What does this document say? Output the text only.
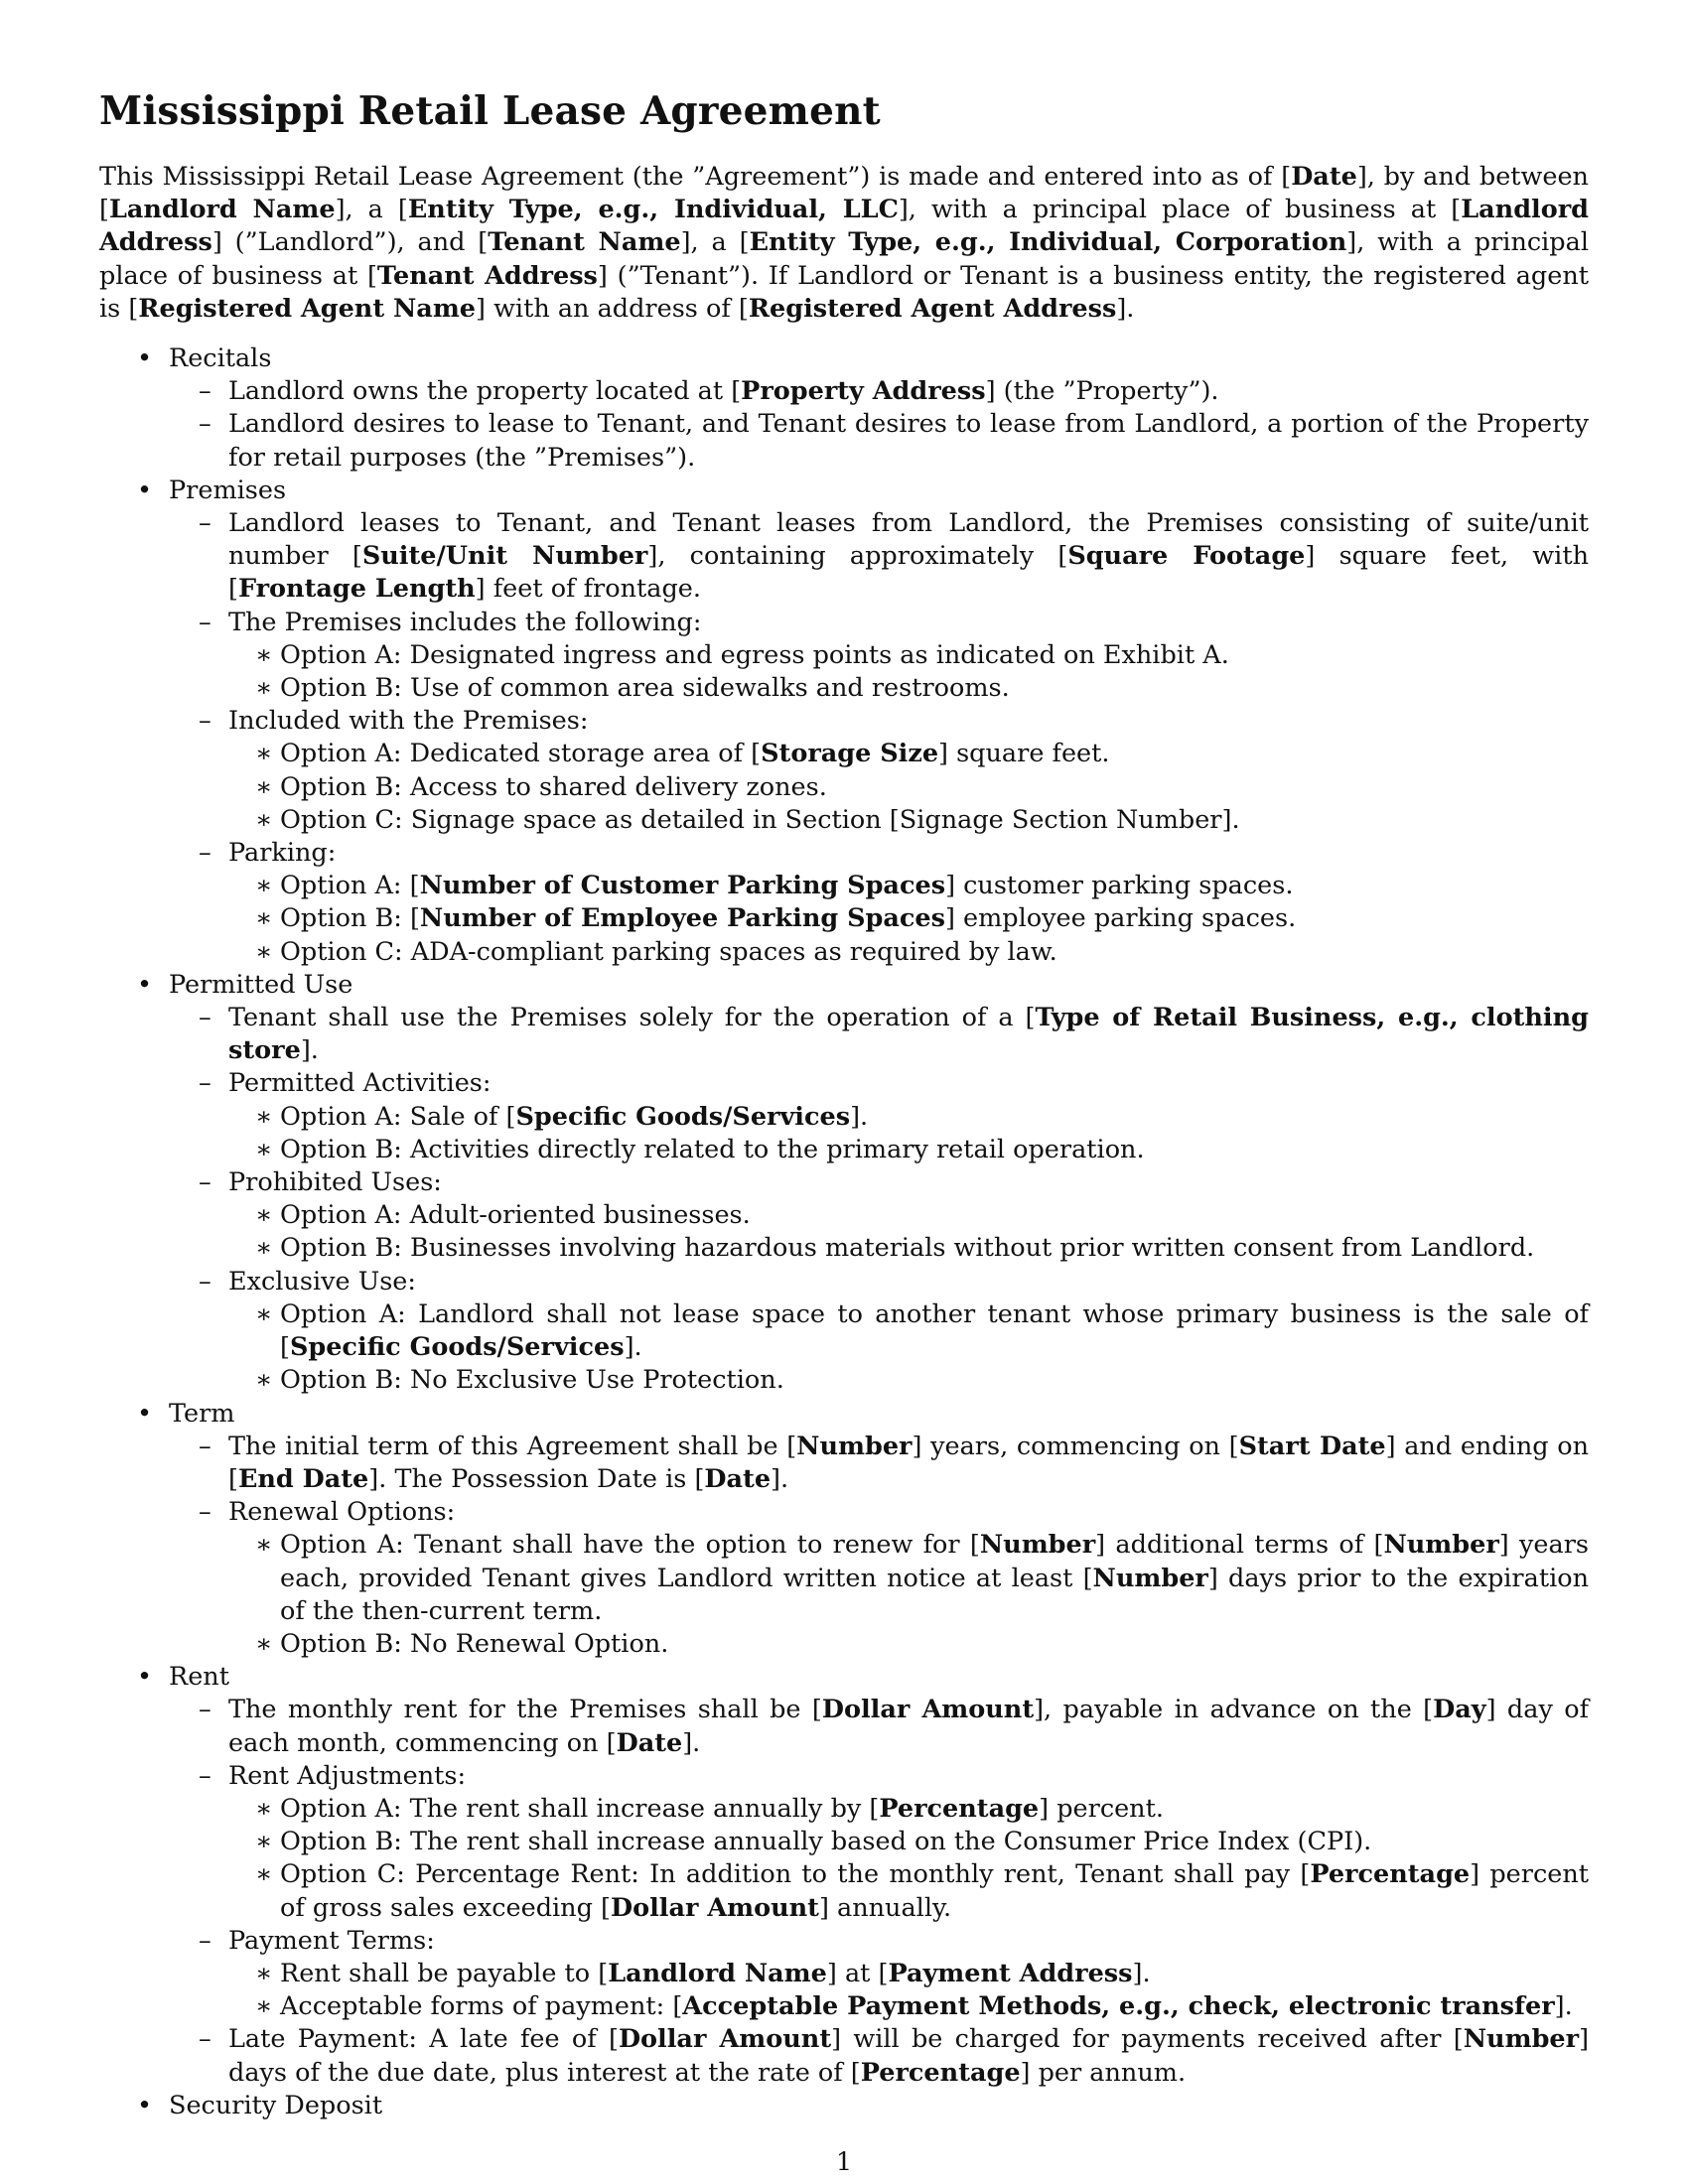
Mississippi Retail Lease Agreement

This Mississippi Retail Lease Agreement (the ”Agreement”) is made and entered into as of [Date], by and between [Landlord Name], a [Entity Type, e.g., Individual, LLC], with a principal place of business at [Landlord Address] (”Landlord”), and [Tenant Name], a [Entity Type, e.g., Individual, Corporation], with a principal place of business at [Tenant Address] (”Tenant”). If Landlord or Tenant is a business entity, the registered agent is [Registered Agent Name] with an address of [Registered Agent Address].

• Recitals
– Landlord owns the property located at [Property Address] (the ”Property”).
– Landlord desires to lease to Tenant, and Tenant desires to lease from Landlord, a portion of the Property for retail purposes (the ”Premises”).
• Premises
– Landlord leases to Tenant, and Tenant leases from Landlord, the Premises consisting of suite/unit number [Suite/Unit Number], containing approximately [Square Footage] square feet, with [Frontage Length] feet of frontage.
– The Premises includes the following:
∗ Option A: Designated ingress and egress points as indicated on Exhibit A.
∗ Option B: Use of common area sidewalks and restrooms.
– Included with the Premises:
∗ Option A: Dedicated storage area of [Storage Size] square feet.
∗ Option B: Access to shared delivery zones.
∗ Option C: Signage space as detailed in Section [Signage Section Number].
– Parking:
∗ Option A: [Number of Customer Parking Spaces] customer parking spaces.
∗ Option B: [Number of Employee Parking Spaces] employee parking spaces.
∗ Option C: ADA-compliant parking spaces as required by law.
• Permitted Use
– Tenant shall use the Premises solely for the operation of a [Type of Retail Business, e.g., clothing store].
– Permitted Activities:
∗ Option A: Sale of [Specific Goods/Services].
∗ Option B: Activities directly related to the primary retail operation.
– Prohibited Uses:
∗ Option A: Adult-oriented businesses.
∗ Option B: Businesses involving hazardous materials without prior written consent from Landlord.
– Exclusive Use:
∗ Option A: Landlord shall not lease space to another tenant whose primary business is the sale of [Specific Goods/Services].
∗ Option B: No Exclusive Use Protection.
• Term
– The initial term of this Agreement shall be [Number] years, commencing on [Start Date] and ending on [End Date]. The Possession Date is [Date].
– Renewal Options:
∗ Option A: Tenant shall have the option to renew for [Number] additional terms of [Number] years each, provided Tenant gives Landlord written notice at least [Number] days prior to the expiration of the then-current term.
∗ Option B: No Renewal Option.
• Rent
– The monthly rent for the Premises shall be [Dollar Amount], payable in advance on the [Day] day of each month, commencing on [Date].
– Rent Adjustments:
∗ Option A: The rent shall increase annually by [Percentage] percent.
∗ Option B: The rent shall increase annually based on the Consumer Price Index (CPI).
∗ Option C: Percentage Rent: In addition to the monthly rent, Tenant shall pay [Percentage] percent of gross sales exceeding [Dollar Amount] annually.
– Payment Terms:
∗ Rent shall be payable to [Landlord Name] at [Payment Address].
∗ Acceptable forms of payment: [Acceptable Payment Methods, e.g., check, electronic transfer].
– Late Payment: A late fee of [Dollar Amount] will be charged for payments received after [Number] days of the due date, plus interest at the rate of [Percentage] per annum.
• Security Deposit
1
